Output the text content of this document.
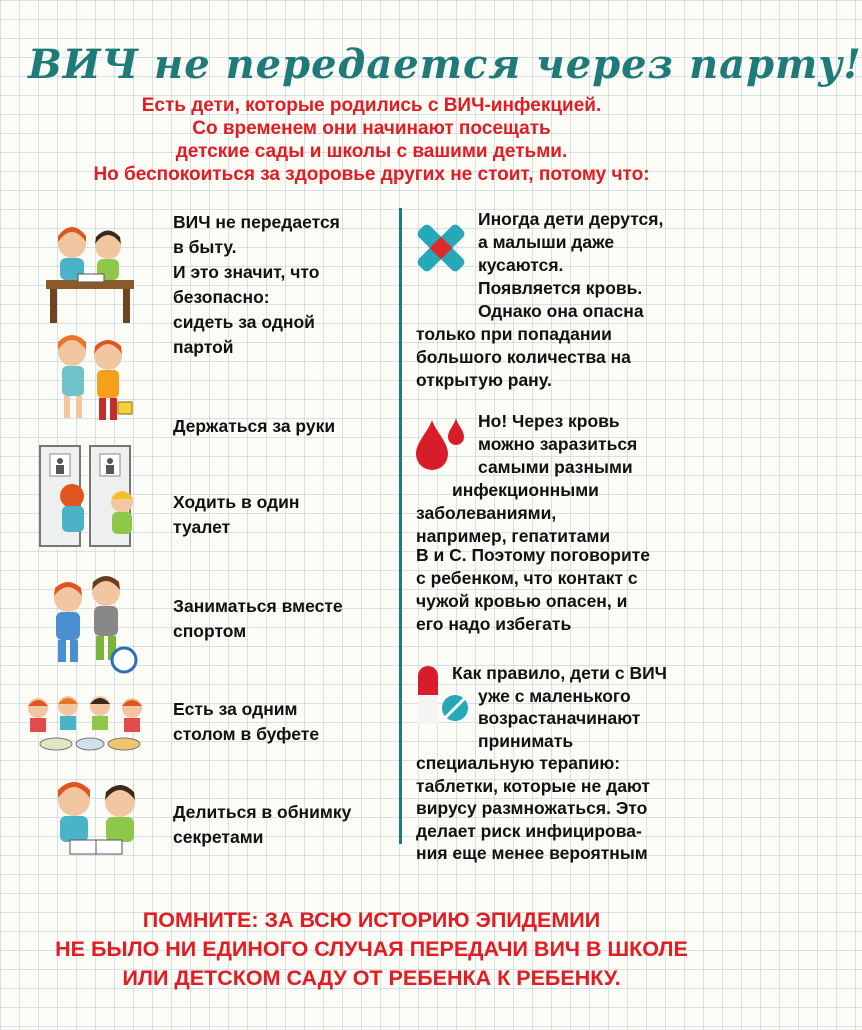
ВИЧ не передается через парту!

Есть дети, которые родились с ВИЧ-инфекцией.
Со временем они начинают посещать
детские сады и школы с вашими детьми.
Но беспокоиться за здоровье других не стоит, потому что:

ВИЧ не передается
в быту.
И это значит, что
безопасно:
сидеть за одной
партой

Держаться за руки

Ходить в один
туалет

Заниматься вместе
спортом

Есть за одним
столом в буфете

Делиться в обнимку
секретами

Иногда дети дерутся,
а малыши даже
кусаются.
Появляется кровь.
Однако она опасна
только при попадании
большого количества на
открытую рану.

Но! Через кровь
можно заразиться
самыми разными
инфекционными
заболеваниями,
например, гепатитами

В и С. Поэтому поговорите
с ребенком, что контакт с
чужой кровью опасен, и
его надо избегать

Как правило, дети с ВИЧ
уже с маленького
возрастаначинают
принимать
специальную терапию:
таблетки, которые не дают
вирусу размножаться. Это
делает риск инфицирова-
ния еще менее вероятным

ПОМНИТЕ: ЗА ВСЮ ИСТОРИЮ ЭПИДЕМИИ
НЕ БЫЛО НИ ЕДИНОГО СЛУЧАЯ ПЕРЕДАЧИ ВИЧ В ШКОЛЕ
ИЛИ ДЕТСКОМ САДУ ОТ РЕБЕНКА К РЕБЕНКУ.
